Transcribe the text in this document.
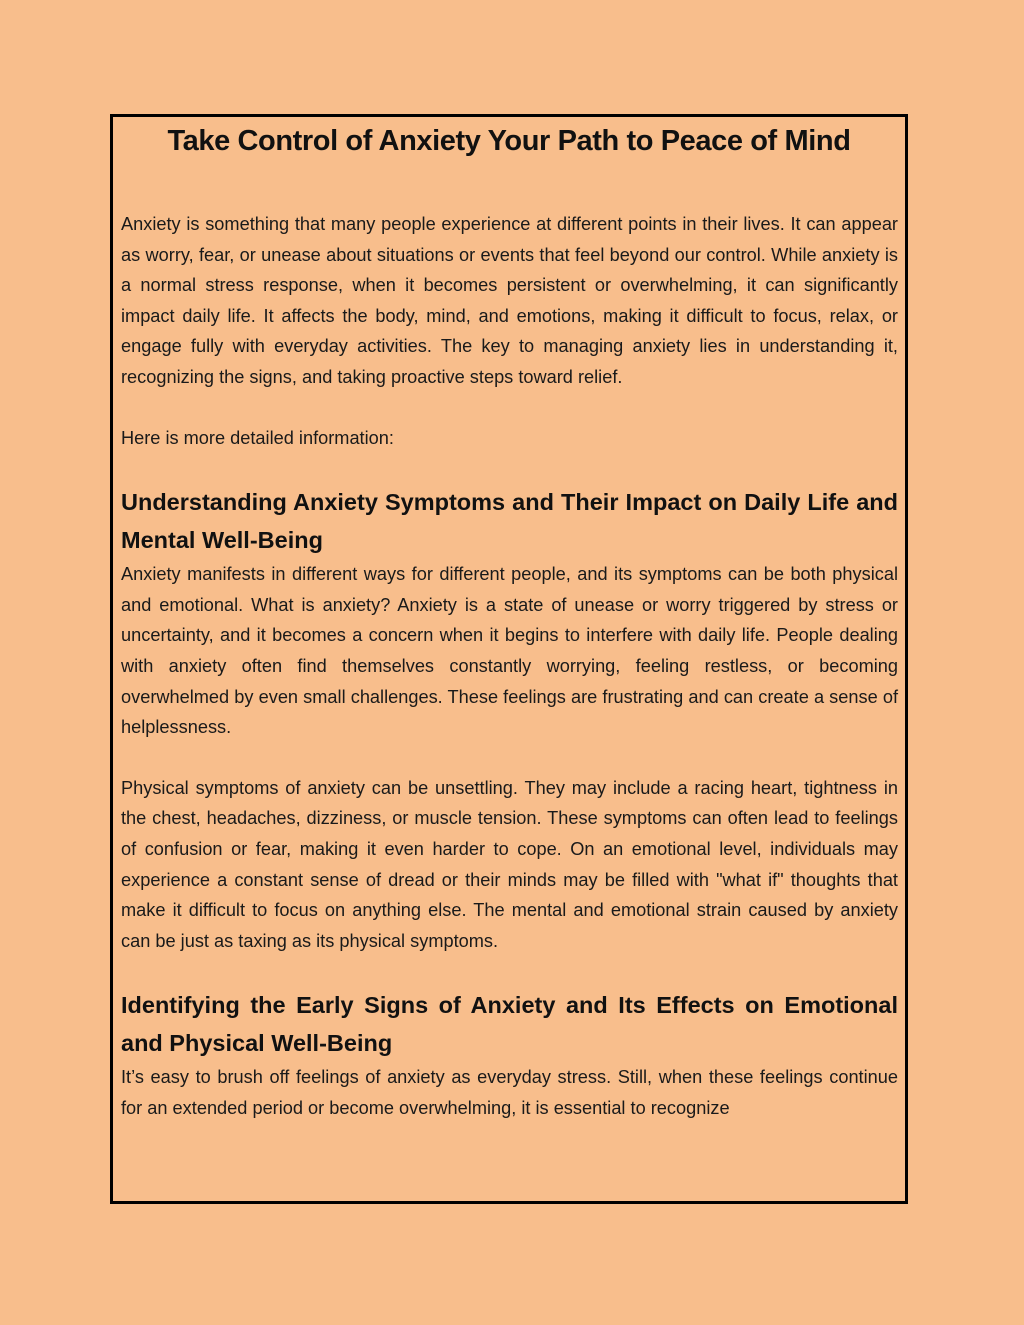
Take Control of Anxiety Your Path to Peace of Mind

Anxiety is something that many people experience at different points in their lives. It can appear as worry, fear, or unease about situations or events that feel beyond our control. While anxiety is a normal stress response, when it becomes persistent or overwhelming, it can significantly impact daily life. It affects the body, mind, and emotions, making it difficult to focus, relax, or engage fully with everyday activities. The key to managing anxiety lies in understanding it, recognizing the signs, and taking proactive steps toward relief.

Here is more detailed information:

Understanding Anxiety Symptoms and Their Impact on Daily Life and Mental Well-Being

Anxiety manifests in different ways for different people, and its symptoms can be both physical and emotional. What is anxiety? Anxiety is a state of unease or worry triggered by stress or uncertainty, and it becomes a concern when it begins to interfere with daily life. People dealing with anxiety often find themselves constantly worrying, feeling restless, or becoming overwhelmed by even small challenges. These feelings are frustrating and can create a sense of helplessness.

Physical symptoms of anxiety can be unsettling. They may include a racing heart, tightness in the chest, headaches, dizziness, or muscle tension. These symptoms can often lead to feelings of confusion or fear, making it even harder to cope. On an emotional level, individuals may experience a constant sense of dread or their minds may be filled with "what if" thoughts that make it difficult to focus on anything else. The mental and emotional strain caused by anxiety can be just as taxing as its physical symptoms.

Identifying the Early Signs of Anxiety and Its Effects on Emotional and Physical Well-Being

It’s easy to brush off feelings of anxiety as everyday stress. Still, when these feelings continue for an extended period or become overwhelming, it is essential to recognize
